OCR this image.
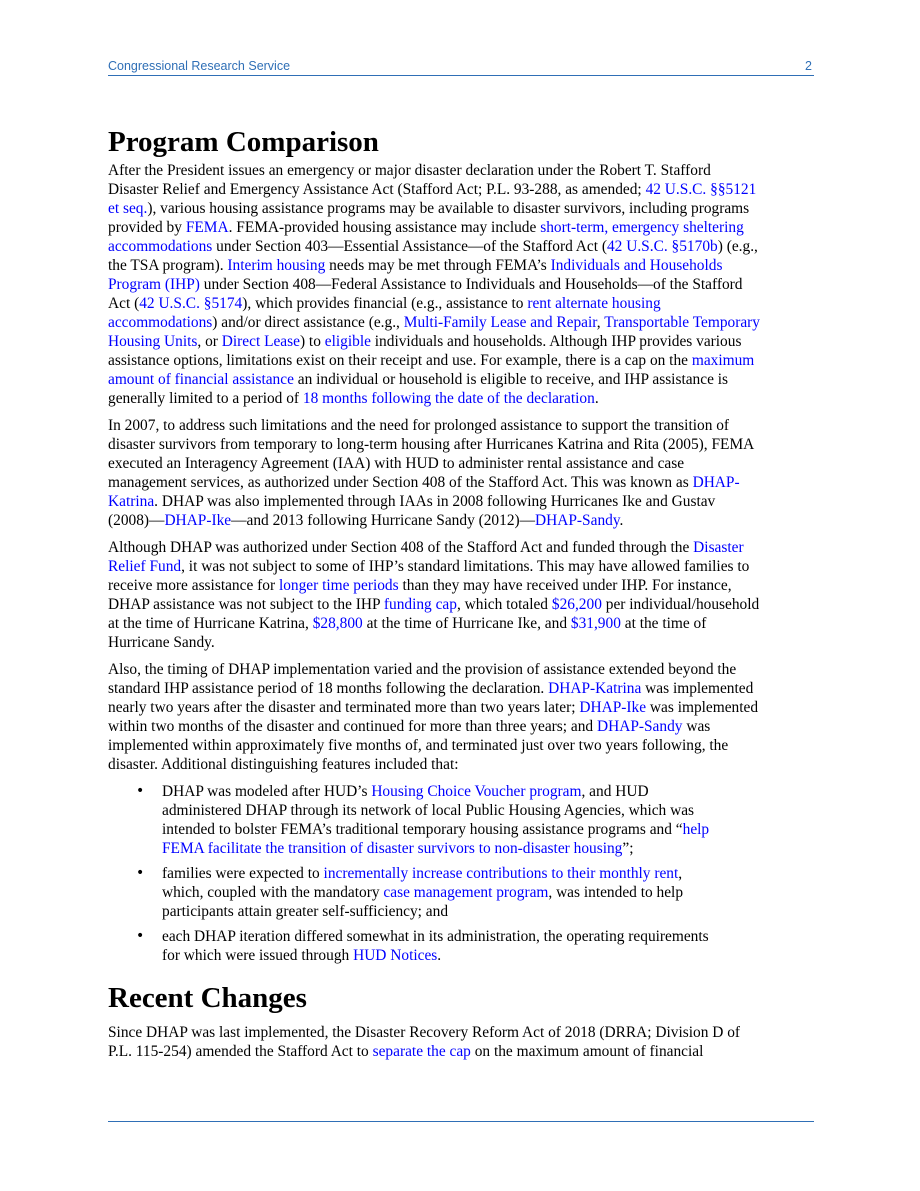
Congressional Research Service	2
Program Comparison

After the President issues an emergency or major disaster declaration under the Robert T. Stafford
Disaster Relief and Emergency Assistance Act (Stafford Act; P.L. 93-288, as amended; 42 U.S.C. §§5121
et seq.), various housing assistance programs may be available to disaster survivors, including programs
provided by FEMA. FEMA-provided housing assistance may include short-term, emergency sheltering
accommodations under Section 403—Essential Assistance—of the Stafford Act (42 U.S.C. §5170b) (e.g.,
the TSA program). Interim housing needs may be met through FEMA’s Individuals and Households
Program (IHP) under Section 408—Federal Assistance to Individuals and Households—of the Stafford
Act (42 U.S.C. §5174), which provides financial (e.g., assistance to rent alternate housing
accommodations) and/or direct assistance (e.g., Multi-Family Lease and Repair, Transportable Temporary
Housing Units, or Direct Lease) to eligible individuals and households. Although IHP provides various
assistance options, limitations exist on their receipt and use. For example, there is a cap on the maximum
amount of financial assistance an individual or household is eligible to receive, and IHP assistance is
generally limited to a period of 18 months following the date of the declaration.

In 2007, to address such limitations and the need for prolonged assistance to support the transition of
disaster survivors from temporary to long-term housing after Hurricanes Katrina and Rita (2005), FEMA
executed an Interagency Agreement (IAA) with HUD to administer rental assistance and case
management services, as authorized under Section 408 of the Stafford Act. This was known as DHAP-
Katrina. DHAP was also implemented through IAAs in 2008 following Hurricanes Ike and Gustav
(2008)—DHAP-Ike—and 2013 following Hurricane Sandy (2012)—DHAP-Sandy.

Although DHAP was authorized under Section 408 of the Stafford Act and funded through the Disaster
Relief Fund, it was not subject to some of IHP’s standard limitations. This may have allowed families to
receive more assistance for longer time periods than they may have received under IHP. For instance,
DHAP assistance was not subject to the IHP funding cap, which totaled $26,200 per individual/household
at the time of Hurricane Katrina, $28,800 at the time of Hurricane Ike, and $31,900 at the time of
Hurricane Sandy.

Also, the timing of DHAP implementation varied and the provision of assistance extended beyond the
standard IHP assistance period of 18 months following the declaration. DHAP-Katrina was implemented
nearly two years after the disaster and terminated more than two years later; DHAP-Ike was implemented
within two months of the disaster and continued for more than three years; and DHAP-Sandy was
implemented within approximately five months of, and terminated just over two years following, the
disaster. Additional distinguishing features included that:

• DHAP was modeled after HUD’s Housing Choice Voucher program, and HUD
administered DHAP through its network of local Public Housing Agencies, which was
intended to bolster FEMA’s traditional temporary housing assistance programs and “help
FEMA facilitate the transition of disaster survivors to non-disaster housing”;
• families were expected to incrementally increase contributions to their monthly rent,
which, coupled with the mandatory case management program, was intended to help
participants attain greater self-sufficiency; and
• each DHAP iteration differed somewhat in its administration, the operating requirements
for which were issued through HUD Notices.
Recent Changes

Since DHAP was last implemented, the Disaster Recovery Reform Act of 2018 (DRRA; Division D of
P.L. 115-254) amended the Stafford Act to separate the cap on the maximum amount of financial
